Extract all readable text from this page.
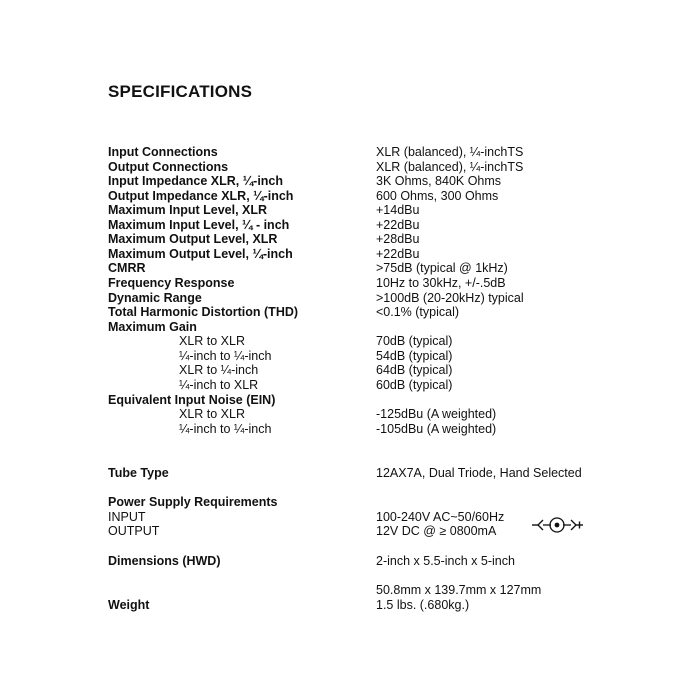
SPECIFICATIONS
Input Connections	XLR (balanced), ¼-inchTS
Output Connections	XLR (balanced), ¼-inchTS
Input Impedance XLR, ¼-inch	3K Ohms, 840K Ohms
Output Impedance XLR, ¼-inch	600 Ohms, 300 Ohms
Maximum Input Level, XLR	+14dBu
Maximum Input Level, ¼ - inch	+22dBu
Maximum Output Level, XLR	+28dBu
Maximum Output Level, ¼-inch	+22dBu
CMRR	>75dB (typical @ 1kHz)
Frequency Response	10Hz to 30kHz, +/-.5dB
Dynamic Range	>100dB (20-20kHz) typical
Total Harmonic Distortion (THD)	<0.1% (typical)
Maximum Gain
XLR to XLR	70dB (typical)
¼-inch to ¼-inch	54dB (typical)
XLR to ¼-inch	64dB (typical)
¼-inch to XLR	60dB (typical)
Equivalent Input Noise (EIN)
XLR to XLR	-125dBu (A weighted)
¼-inch to ¼-inch	-105dBu (A weighted)
Tube Type	12AX7A, Dual Triode, Hand Selected
Power Supply Requirements
INPUT	100-240V AC~50/60Hz
OUTPUT	12V DC @ ≥ 0800mA
Dimensions (HWD)	2-inch x 5.5-inch x 5-inch
50.8mm x 139.7mm x 127mm
Weight	1.5 lbs. (.680kg.)
